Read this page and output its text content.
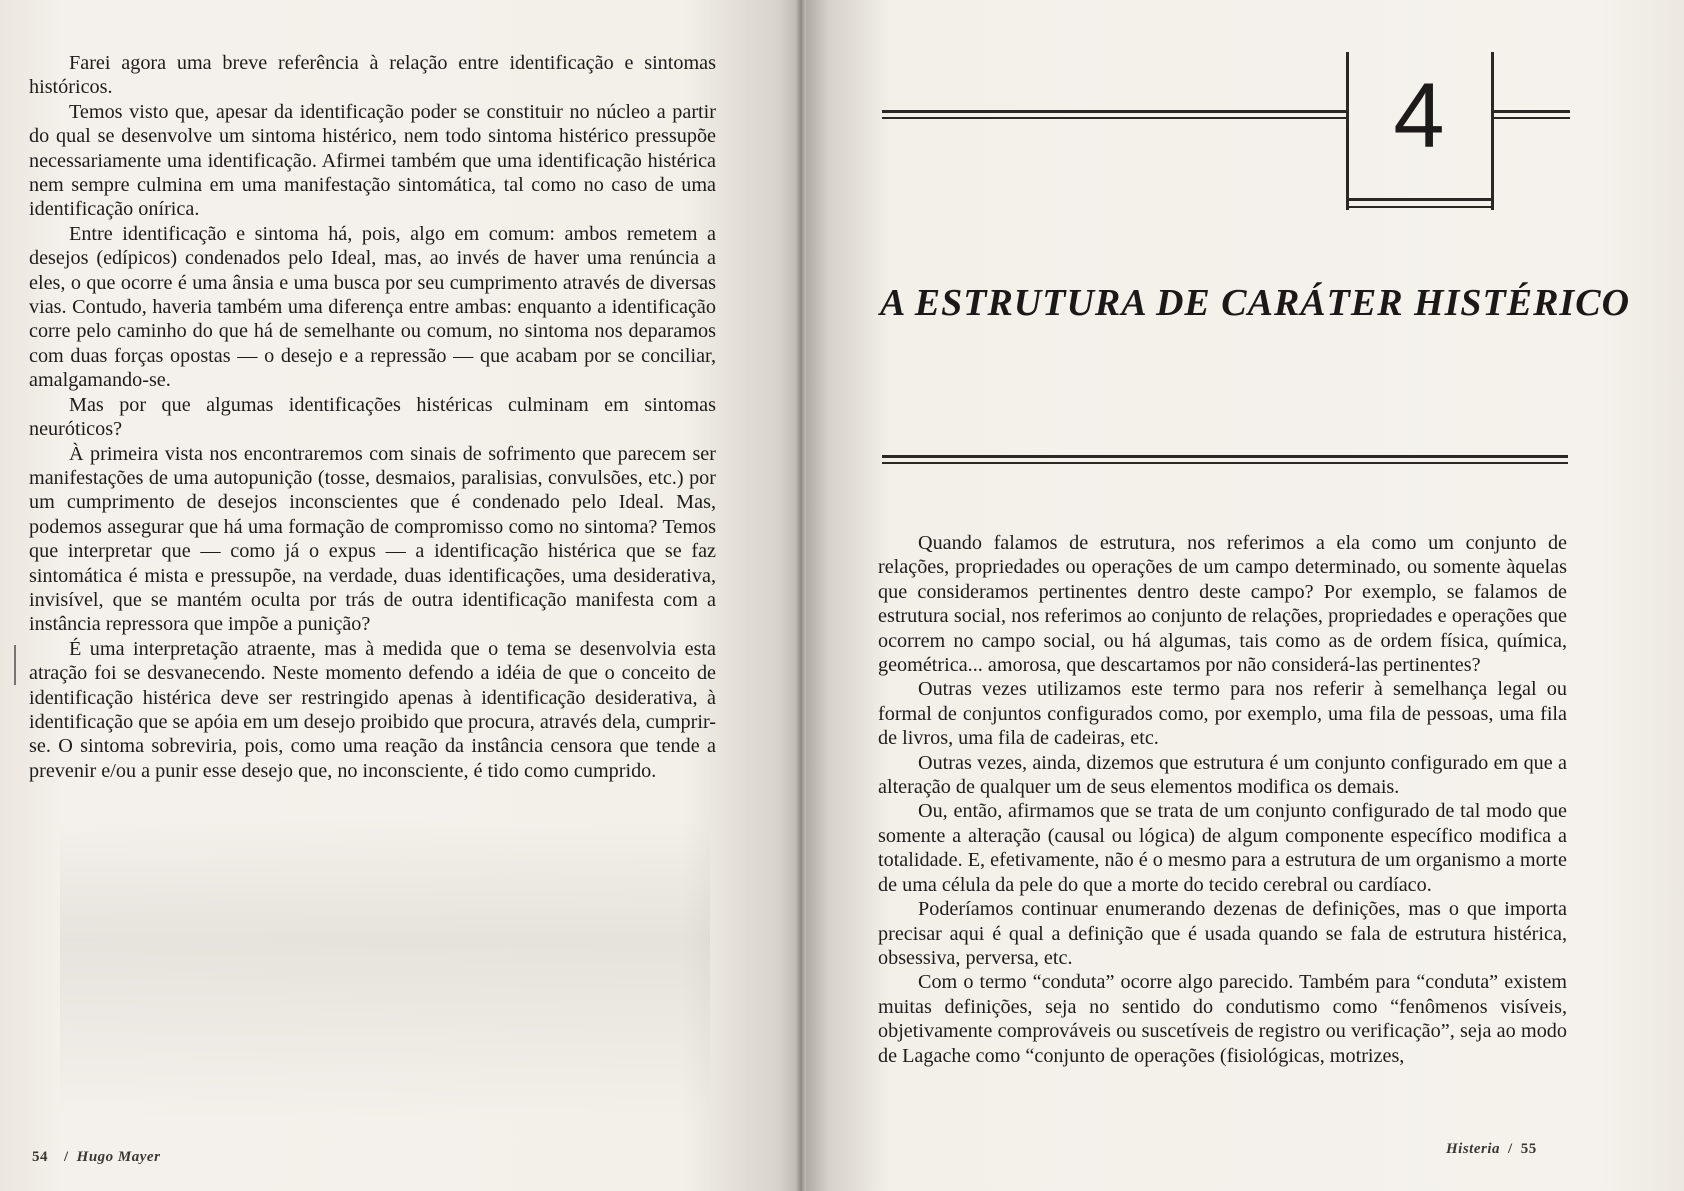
Farei agora uma breve referência à relação entre identificação e sintomas históricos.

Temos visto que, apesar da identificação poder se constituir no núcleo a partir do qual se desenvolve um sintoma histérico, nem todo sintoma histérico pressupõe necessariamente uma identificação. Afirmei também que uma identificação histérica nem sempre culmina em uma manifestação sintomática, tal como no caso de uma identificação onírica.

Entre identificação e sintoma há, pois, algo em comum: ambos remetem a desejos (edípicos) condenados pelo Ideal, mas, ao invés de haver uma renúncia a eles, o que ocorre é uma ânsia e uma busca por seu cumprimento através de diversas vias. Contudo, haveria também uma diferença entre ambas: enquanto a identificação corre pelo caminho do que há de semelhante ou comum, no sintoma nos deparamos com duas forças opostas — o desejo e a repressão — que acabam por se conciliar, amalgamando-se.

Mas por que algumas identificações histéricas culminam em sintomas neuróticos?

À primeira vista nos encontraremos com sinais de sofrimento que parecem ser manifestações de uma autopunição (tosse, desmaios, paralisias, convulsões, etc.) por um cumprimento de desejos inconscientes que é condenado pelo Ideal. Mas, podemos assegurar que há uma formação de compromisso como no sintoma? Temos que interpretar que — como já o expus — a identificação histérica que se faz sintomática é mista e pressupõe, na verdade, duas identificações, uma desiderativa, invisível, que se mantém oculta por trás de outra identificação manifesta com a instância repressora que impõe a punição?

É uma interpretação atraente, mas à medida que o tema se desenvolvia esta atração foi se desvanecendo. Neste momento defendo a idéia de que o conceito de identificação histérica deve ser restringido apenas à identificação desiderativa, à identificação que se apóia em um desejo proibido que procura, através dela, cumprir-se. O sintoma sobreviria, pois, como uma reação da instância censora que tende a prevenir e/ou a punir esse desejo que, no inconsciente, é tido como cumprido.

54 / Hugo Mayer
4
A ESTRUTURA DE CARÁTER HISTÉRICO

Quando falamos de estrutura, nos referimos a ela como um conjunto de relações, propriedades ou operações de um campo determinado, ou somente àquelas que consideramos pertinentes dentro deste campo? Por exemplo, se falamos de estrutura social, nos referimos ao conjunto de relações, propriedades e operações que ocorrem no campo social, ou há algumas, tais como as de ordem física, química, geométrica... amorosa, que descartamos por não considerá-las pertinentes?

Outras vezes utilizamos este termo para nos referir à semelhança legal ou formal de conjuntos configurados como, por exemplo, uma fila de pessoas, uma fila de livros, uma fila de cadeiras, etc.

Outras vezes, ainda, dizemos que estrutura é um conjunto configurado em que a alteração de qualquer um de seus elementos modifica os demais.

Ou, então, afirmamos que se trata de um conjunto configurado de tal modo que somente a alteração (causal ou lógica) de algum componente específico modifica a totalidade. E, efetivamente, não é o mesmo para a estrutura de um organismo a morte de uma célula da pele do que a morte do tecido cerebral ou cardíaco.

Poderíamos continuar enumerando dezenas de definições, mas o que importa precisar aqui é qual a definição que é usada quando se fala de estrutura histérica, obsessiva, perversa, etc.

Com o termo “conduta” ocorre algo parecido. Também para “conduta” existem muitas definições, seja no sentido do condutismo como “fenômenos visíveis, objetivamente comprováveis ou suscetíveis de registro ou verificação”, seja ao modo de Lagache como “conjunto de operações (fisiológicas, motrizes,

Histeria / 55
